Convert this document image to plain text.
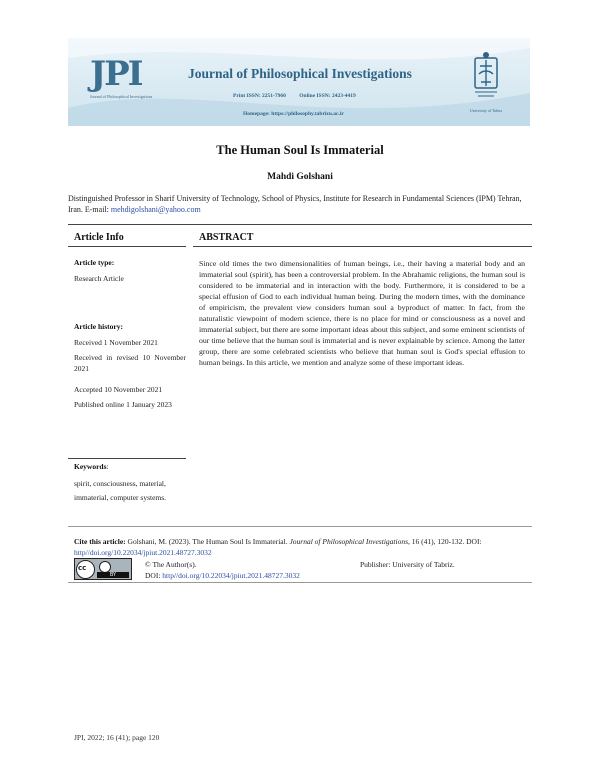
JPI
Journal of Philosophical Investigations
Journal of Philosophical Investigations
Print ISSN: 2251-7960 Online ISSN: 2423-4419
Homepage: https://philosophy.tabrizu.ac.ir
University of Tabriz
The Human Soul Is Immaterial
Mahdi Golshani
Distinguished Professor in Sharif University of Technology, School of Physics, Institute for Research in Fundamental Sciences (IPM) Tehran, Iran. E-mail: mehdigolshani@yahoo.com
Article Info	ABSTRACT
Article type:
Research Article
Article history:
Received 1 November 2021
Received in revised 10 November 2021
Accepted 10 November 2021
Published online 1 January 2023
Keywords:
spirit, consciousness, material, immaterial, computer systems.
Since old times the two dimensionalities of human beings, i.e., their having a material body and an immaterial soul (spirit), has been a controversial problem. In the Abrahamic religions, the human soul is considered to be immaterial and in interaction with the body. Furthermore, it is considered to be a special effusion of God to each individual human being. During the modern times, with the dominance of empiricism, the prevalent view considers human soul a byproduct of matter. In fact, from the naturalistic viewpoint of modern science, there is no place for mind or consciousness as a novel and immaterial subject, but there are some important ideas about this subject, and some eminent scientists of our time believe that the human soul is immaterial and is never explainable by science. Among the latter group, there are some celebrated scientists who believe that human soul is God's special effusion to human beings. In this article, we mention and analyze some of these important ideas.
Cite this article: Golshani, M. (2023). The Human Soul Is Immaterial. Journal of Philosophical Investigations, 16 (41), 120-132. DOI: http//doi.org/10.22034/jpiut.2021.48727.3032
cc
BY
© The Author(s).	Publisher: University of Tabriz.
DOI: http//doi.org/10.22034/jpiut.2021.48727.3032
JPI, 2022; 16 (41); page 120
